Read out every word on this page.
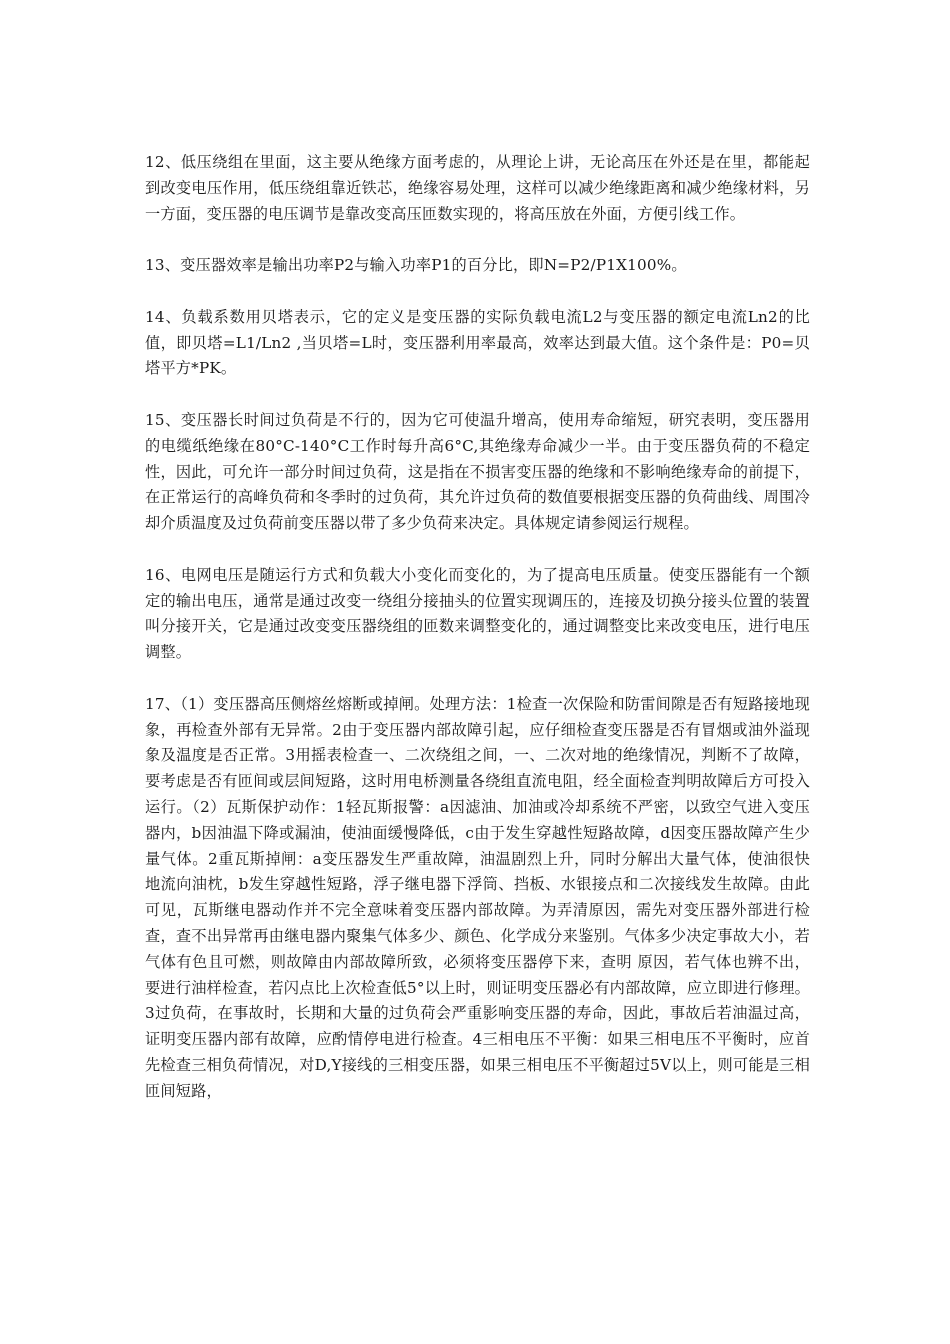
12、低压绕组在里面，这主要从绝缘方面考虑的，从理论上讲，无论高压在外还是在里，都能起到改变电压作用，低压绕组靠近铁芯，绝缘容易处理，这样可以减少绝缘距离和减少绝缘材料，另一方面，变压器的电压调节是靠改变高压匝数实现的，将高压放在外面，方便引线工作。

13、变压器效率是输出功率P2与输入功率P1的百分比，即N=P2/P1X100%。

14、负载系数用贝塔表示，它的定义是变压器的实际负载电流L2与变压器的额定电流Ln2的比值，即贝塔=L1/Ln2 ,当贝塔=L时，变压器利用率最高，效率达到最大值。这个条件是：P0=贝塔平方*PK。

15、变压器长时间过负荷是不行的，因为它可使温升增高，使用寿命缩短，研究表明，变压器用的电缆纸绝缘在80°C-140°C工作时每升高6°C,其绝缘寿命减少一半。由于变压器负荷的不稳定性，因此，可允许一部分时间过负荷，这是指在不损害变压器的绝缘和不影响绝缘寿命的前提下，在正常运行的高峰负荷和冬季时的过负荷，其允许过负荷的数值要根据变压器的负荷曲线、周围冷却介质温度及过负荷前变压器以带了多少负荷来决定。具体规定请参阅运行规程。

16、电网电压是随运行方式和负载大小变化而变化的，为了提高电压质量。使变压器能有一个额定的输出电压，通常是通过改变一绕组分接抽头的位置实现调压的，连接及切换分接头位置的装置叫分接开关，它是通过改变变压器绕组的匝数来调整变化的，通过调整变比来改变电压，进行电压调整。

17、（1）变压器高压侧熔丝熔断或掉闸。处理方法：1检查一次保险和防雷间隙是否有短路接地现象，再检查外部有无异常。2由于变压器内部故障引起，应仔细检查变压器是否有冒烟或油外溢现象及温度是否正常。3用摇表检查一、二次绕组之间，一、二次对地的绝缘情况，判断不了故障，要考虑是否有匝间或层间短路，这时用电桥测量各绕组直流电阻，经全面检查判明故障后方可投入运行。（2）瓦斯保护动作：1轻瓦斯报警：a因滤油、加油或冷却系统不严密，以致空气进入变压器内，b因油温下降或漏油，使油面缓慢降低，c由于发生穿越性短路故障，d因变压器故障产生少量气体。2重瓦斯掉闸：a变压器发生严重故障，油温剧烈上升，同时分解出大量气体，使油很快地流向油枕，b发生穿越性短路，浮子继电器下浮筒、挡板、水银接点和二次接线发生故障。由此可见，瓦斯继电器动作并不完全意味着变压器内部故障。为弄清原因，需先对变压器外部进行检查，查不出异常再由继电器内聚集气体多少、颜色、化学成分来鉴别。气体多少决定事故大小，若气体有色且可燃，则故障由内部故障所致，必须将变压器停下来，查明 原因，若气体也辨不出，要进行油样检查，若闪点比上次检查低5°以上时，则证明变压器必有内部故障，应立即进行修理。3过负荷，在事故时，长期和大量的过负荷会严重影响变压器的寿命，因此，事故后若油温过高，证明变压器内部有故障，应酌情停电进行检查。4三相电压不平衡：如果三相电压不平衡时，应首先检查三相负荷情况，对D,Y接线的三相变压器，如果三相电压不平衡超过5V以上，则可能是三相匝间短路，
